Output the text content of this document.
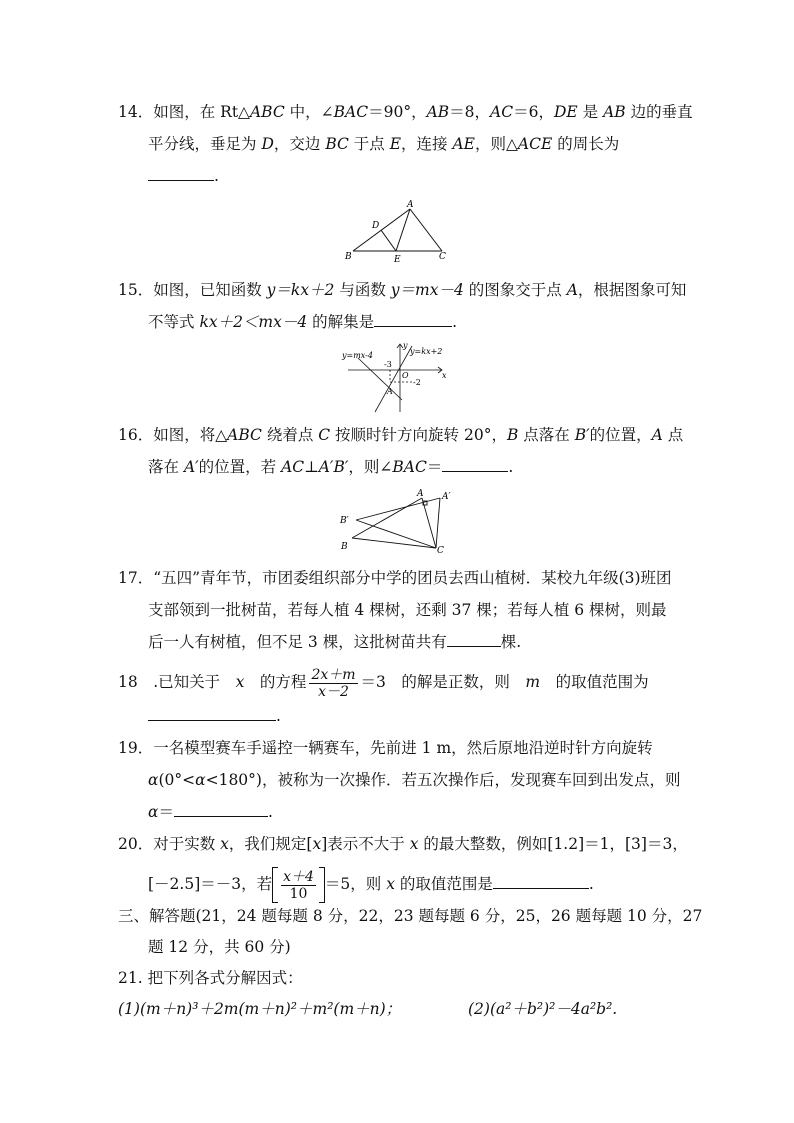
14．如图，在 Rt△ABC 中，∠BAC＝90°，AB＝8，AC＝6，DE 是 AB 边的垂直
平分线，垂足为 D，交边 BC 于点 E，连接 AE，则△ACE 的周长为
.
A
B	C
D
E
15．如图，已知函数 y＝kx＋2 与函数 y＝mx－4 的图象交于点 A，根据图象可知
不等式 kx＋2＜mx－4 的解集是	.
y=mx-4	y=kx+2
y
x
O
-3
-2
A
16．如图，将△ABC 绕着点 C 按顺时针方向旋转 20°，B 点落在 B′的位置，A 点
落在 A′的位置，若 AC⊥A′B′，则∠BAC＝	.
A A′
B′
B	C
17．“五四”青年节，市团委组织部分中学的团员去西山植树．某校九年级(3)班团
支部领到一批树苗，若每人植 4 棵树，还剩 37 棵；若每人植 6 棵树，则最
后一人有树植，但不足 3 棵，这批树苗共有	棵.
18　.已知关于　x　的方程 $\frac{2x+m}{x-2} =3$　的解是正数，则　m　的取值范围为
.
19．一名模型赛车手遥控一辆赛车，先前进 1 m，然后原地沿逆时针方向旋转
α(0°<α<180°)，被称为一次操作．若五次操作后，发现赛车回到出发点，则
α＝	.
20．对于实数 x，我们规定[x]表示不大于 x 的最大整数，例如[1.2]＝1，[3]＝3，
[－2.5]＝－3，若 $\frac{x+4}{10} =5$，则 x 的取值范围是	.
三、解答题(21，24 题每题 8 分，22，23 题每题 6 分，25，26 题每题 10 分，27
题 12 分，共 60 分)
21. 把下列各式分解因式：
(1)(m＋n)³＋2m(m＋n)²＋m²(m＋n)；	(2)(a²＋b²)²－4a²b².
